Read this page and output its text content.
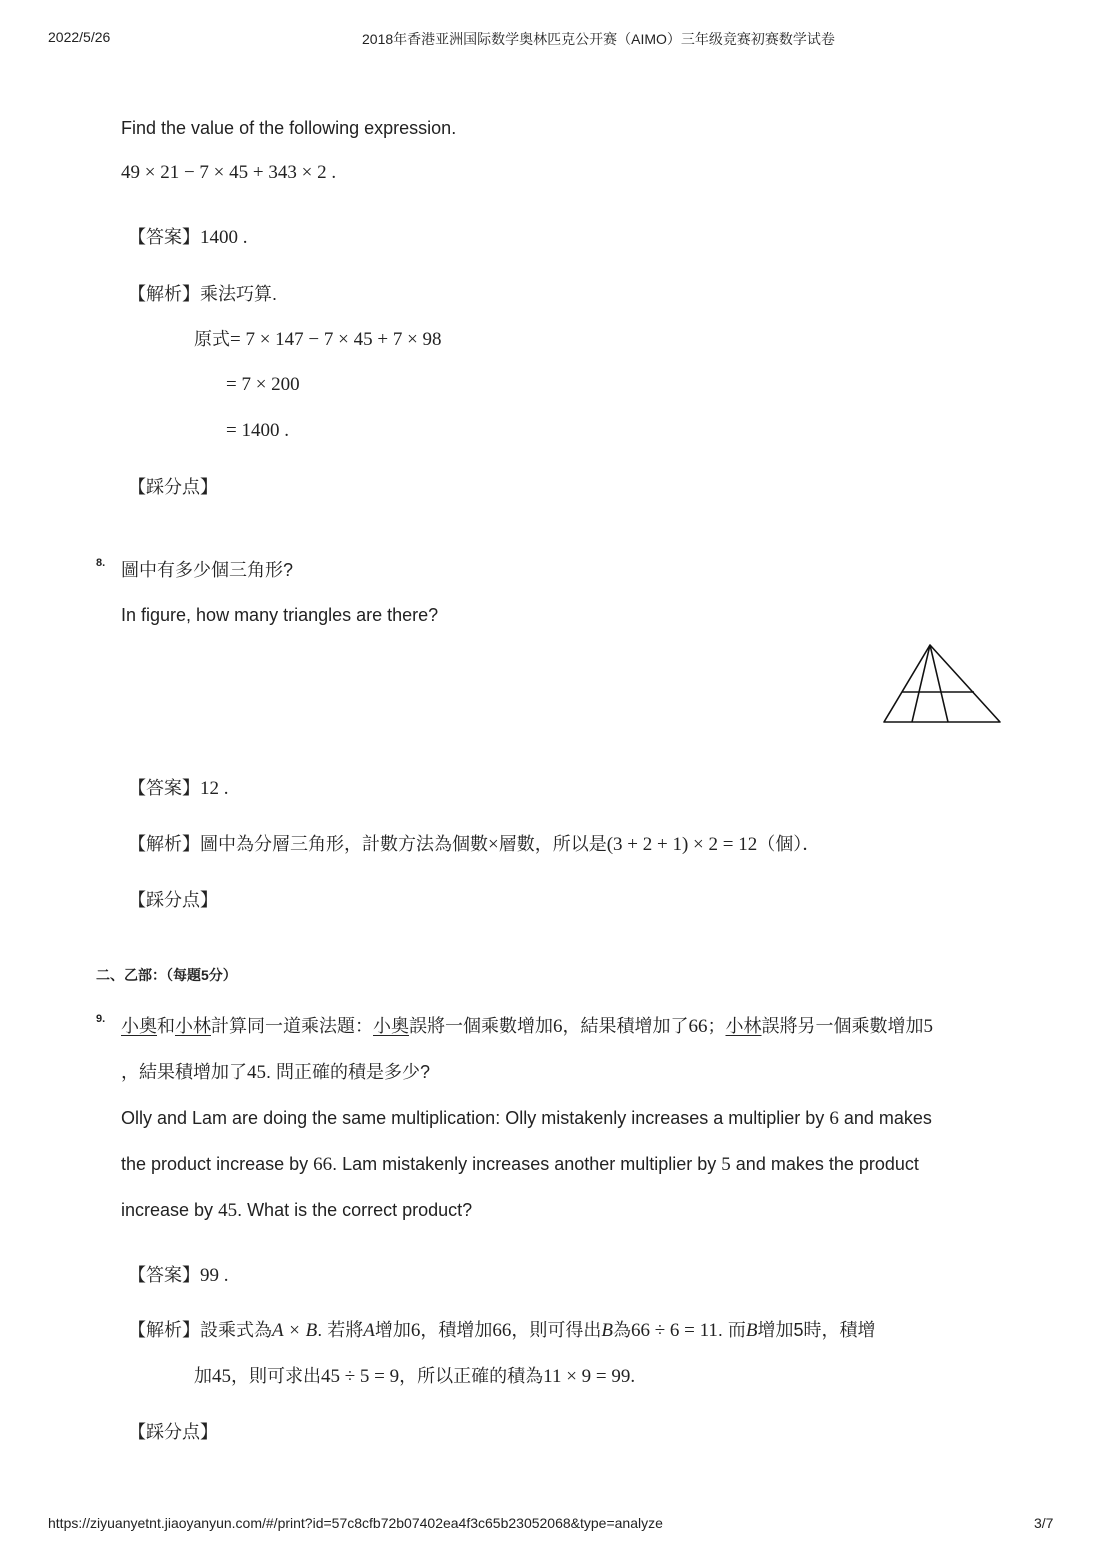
2022/5/26	2018年香港亚洲国际数学奥林匹克公开赛（AIMO）三年级竞赛初赛数学试卷
Find the value of the following expression.
49 × 21 − 7 × 45 + 343 × 2 .
【答案】1400 .
【解析】乘法巧算.
原式= 7 × 147 − 7 × 45 + 7 × 98
= 7 × 200
= 1400 .
【踩分点】
8. 圖中有多少個三角形?
In figure, how many triangles are there?
【答案】12 .
【解析】圖中為分層三角形，計數方法為個數×層數，所以是(3 + 2 + 1) × 2 = 12（個）．
【踩分点】
二、乙部：（每題5分）
9. 小奧和小林計算同一道乘法題：小奧誤將一個乘數增加6，結果積增加了66；小林誤將另一個乘數增加5
，結果積增加了45. 問正確的積是多少?
Olly and Lam are doing the same multiplication: Olly mistakenly increases a multiplier by 6 and makes
the product increase by 66. Lam mistakenly increases another multiplier by 5 and makes the product
increase by 45. What is the correct product?
【答案】99 .
【解析】設乘式為A × B. 若將A增加6，積增加66，則可得出B為66 ÷ 6 = 11. 而B增加5時，積增
加45，則可求出45 ÷ 5 = 9，所以正確的積為11 × 9 = 99.
【踩分点】
https://ziyuanyetnt.jiaoyanyun.com/#/print?id=57c8cfb72b07402ea4f3c65b23052068&type=analyze	3/7
